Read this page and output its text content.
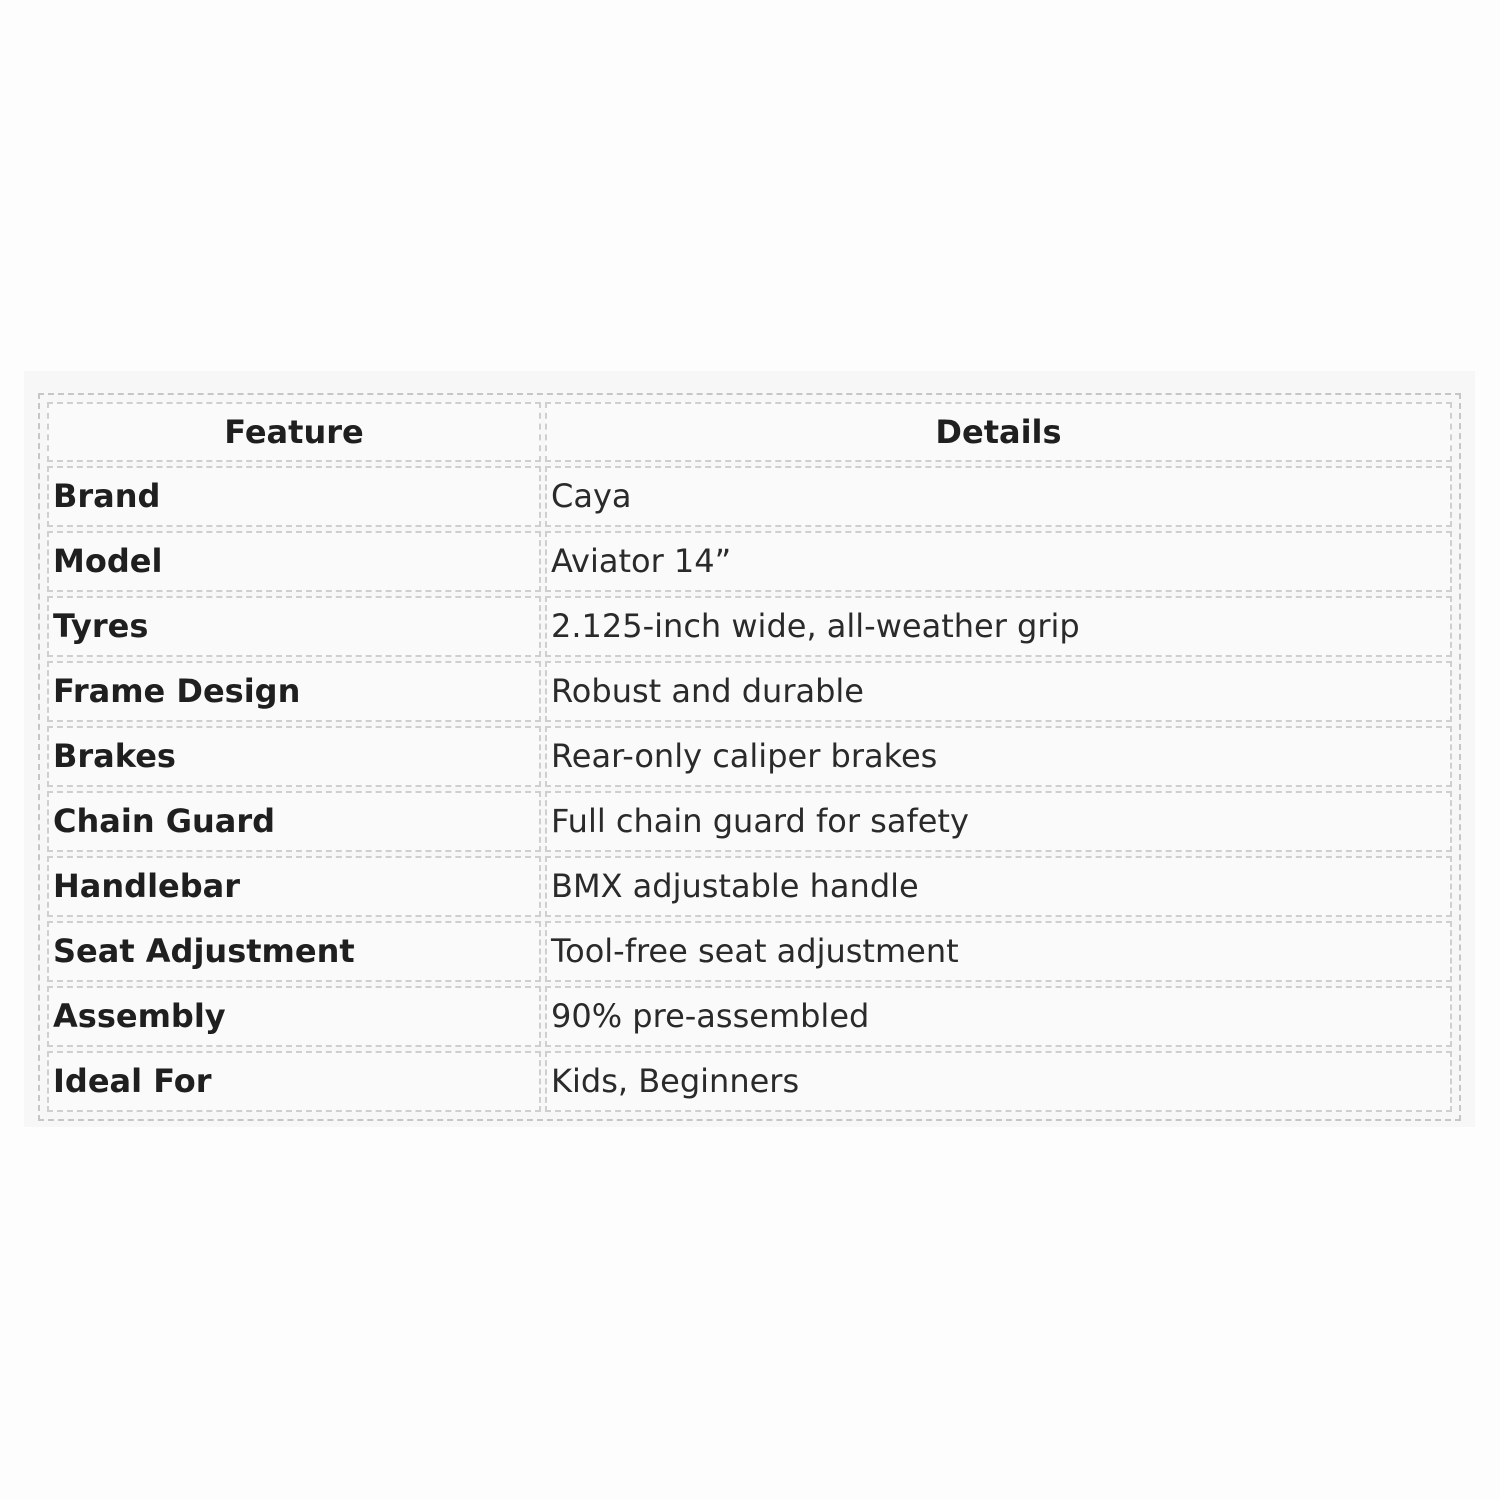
Feature	Details
Brand	Caya
Model	Aviator 14”
Tyres	2.125-inch wide, all-weather grip
Frame Design	Robust and durable
Brakes	Rear-only caliper brakes
Chain Guard	Full chain guard for safety
Handlebar	BMX adjustable handle
Seat Adjustment	Tool-free seat adjustment
Assembly	90% pre-assembled
Ideal For	Kids, Beginners
